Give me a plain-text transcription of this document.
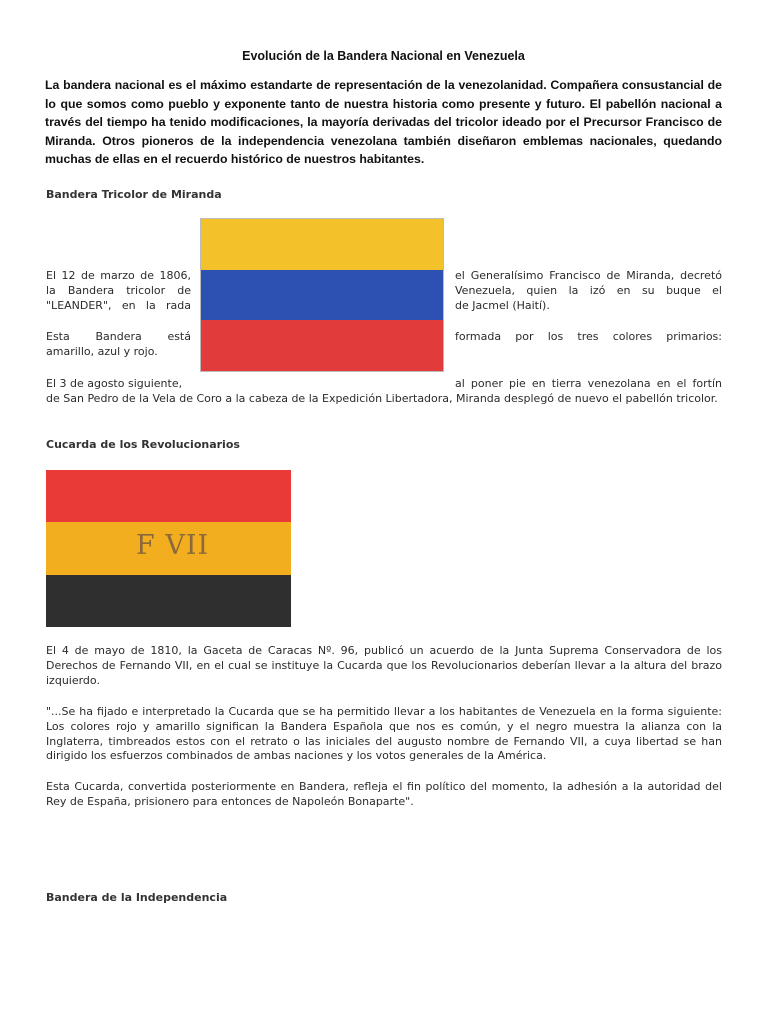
Evolución de la Bandera Nacional en Venezuela
La bandera nacional es el máximo estandarte de representación de la venezolanidad. Compañera consustancial de lo que somos como pueblo y exponente tanto de nuestra historia como presente y futuro. El pabellón nacional a través del tiempo ha tenido modificaciones, la mayoría derivadas del tricolor ideado por el Precursor Francisco de Miranda. Otros pioneros de la independencia venezolana también diseñaron emblemas nacionales, quedando muchas de ellas en el recuerdo histórico de nuestros habitantes.
Bandera Tricolor de Miranda
El 12 de marzo de 1806,
la Bandera tricolor de
"LEANDER", en la rada
el Generalísimo Francisco de Miranda, decretó
Venezuela, quien la izó en su buque el
de Jacmel (Haití).
Esta Bandera está
amarillo, azul y rojo.
formada por los tres colores primarios:
El 3 de agosto siguiente,	al poner pie en tierra venezolana en el fortín
de San Pedro de la Vela de Coro a la cabeza de la Expedición Libertadora, Miranda desplegó de nuevo el pabellón tricolor.
Cucarda de los Revolucionarios
F VII
El 4 de mayo de 1810, la Gaceta de Caracas Nº. 96, publicó un acuerdo de la Junta Suprema Conservadora de los Derechos de Fernando VII, en el cual se instituye la Cucarda que los Revolucionarios deberían llevar a la altura del brazo izquierdo.
"...Se ha fijado e interpretado la Cucarda que se ha permitido llevar a los habitantes de Venezuela en la forma siguiente: Los colores rojo y amarillo significan la Bandera Española que nos es común, y el negro muestra la alianza con la Inglaterra, timbreados estos con el retrato o las iniciales del augusto nombre de Fernando VII, a cuya libertad se han dirigido los esfuerzos combinados de ambas naciones y los votos generales de la América.
Esta Cucarda, convertida posteriormente en Bandera, refleja el fin político del momento, la adhesión a la autoridad del Rey de España, prisionero para entonces de Napoleón Bonaparte".
Bandera de la Independencia
